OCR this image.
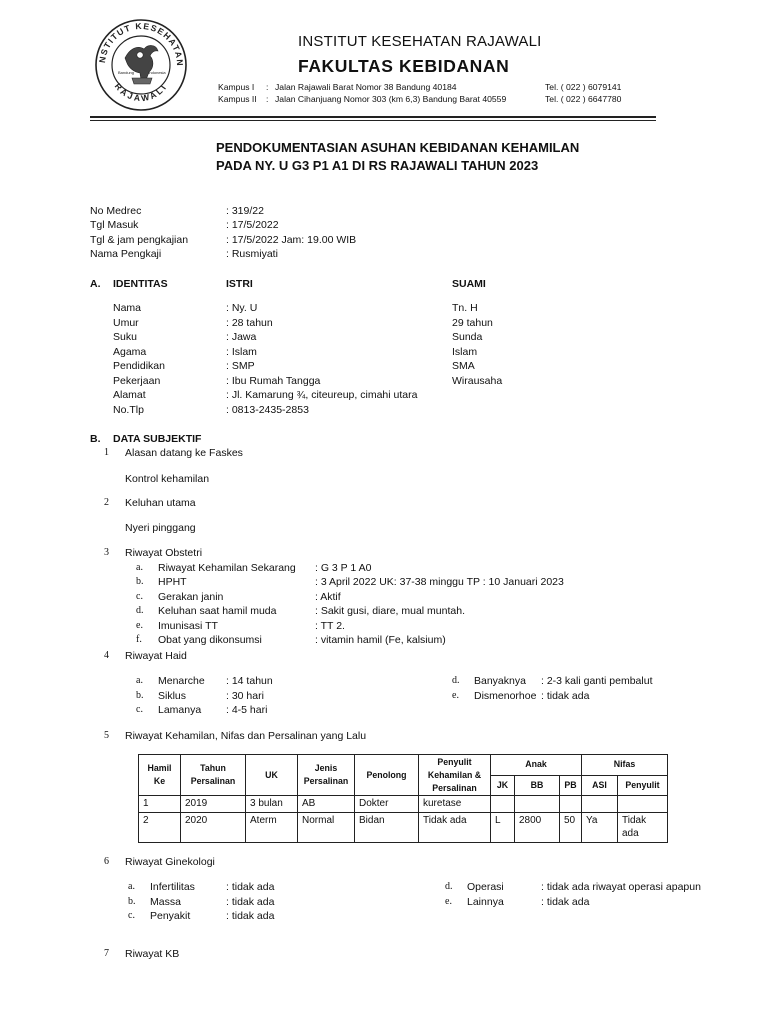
NSTITUT KESEHATAN
RAJAWALI
Bandung	Indonesia
INSTITUT KESEHATAN RAJAWALI
FAKULTAS KEBIDANAN
Kampus I : Jalan Rajawali Barat Nomor 38 Bandung 40184	Tel. ( 022 ) 6079141
Kampus II : Jalan Cihanjuang Nomor 303 (km 6,3) Bandung Barat 40559	Tel. ( 022 ) 6647780
PENDOKUMENTASIAN ASUHAN KEBIDANAN KEHAMILAN
PADA NY. U G3 P1 A1 DI RS RAJAWALI TAHUN 2023
No Medrec	: 319/22
Tgl Masuk	: 17/5/2022
Tgl & jam pengkajian	: 17/5/2022 Jam: 19.00 WIB
Nama Pengkaji	: Rusmiyati
A. IDENTITAS	ISTRI	SUAMI
Nama	: Ny. U	Tn. H
Umur	: 28 tahun	29 tahun
Suku	: Jawa	Sunda
Agama	: Islam	Islam
Pendidikan	: SMP	SMA
Pekerjaan	: Ibu Rumah Tangga	Wirausaha
Alamat	: Jl. Kamarung ¾, citeureup, cimahi utara
No.Tlp	: 0813-2435-2853
B. DATA SUBJEKTIF
1 Alasan datang ke Faskes
Kontrol kehamilan
2 Keluhan utama
Nyeri pinggang
3 Riwayat Obstetri
a. Riwayat Kehamilan Sekarang : G 3 P 1 A0
b. HPHT	: 3 April 2022 UK: 37-38 minggu TP : 10 Januari 2023
c. Gerakan janin	: Aktif
d. Keluhan saat hamil muda	: Sakit gusi, diare, mual muntah.
e. Imunisasi TT	: TT 2.
f. Obat yang dikonsumsi	: vitamin hamil (Fe, kalsium)
4 Riwayat Haid
a. Menarche : 14 tahun
b. Siklus	: 30 hari
c. Lamanya : 4-5 hari
d. Banyaknya : 2-3 kali ganti pembalut
e. Dismenorhoe : tidak ada
5 Riwayat Kehamilan, Nifas dan Persalinan yang Lalu
Hamil Ke	Tahun Persalinan	UK	Jenis Persalinan	Penolong	Penyulit Kehamilan & Persalinan	Anak			Nifas	
						JK	BB	PB	ASI	Penyulit
1	2019	3 bulan	AB	Dokter	kuretase					
2	2020	Aterm	Normal	Bidan	Tidak ada	L	2800	50	Ya	Tidak ada
6 Riwayat Ginekologi
a. Infertilitas	: tidak ada
b. Massa	: tidak ada
c. Penyakit	: tidak ada
d. Operasi	: tidak ada riwayat operasi apapun
e. Lainnya	: tidak ada
7 Riwayat KB
